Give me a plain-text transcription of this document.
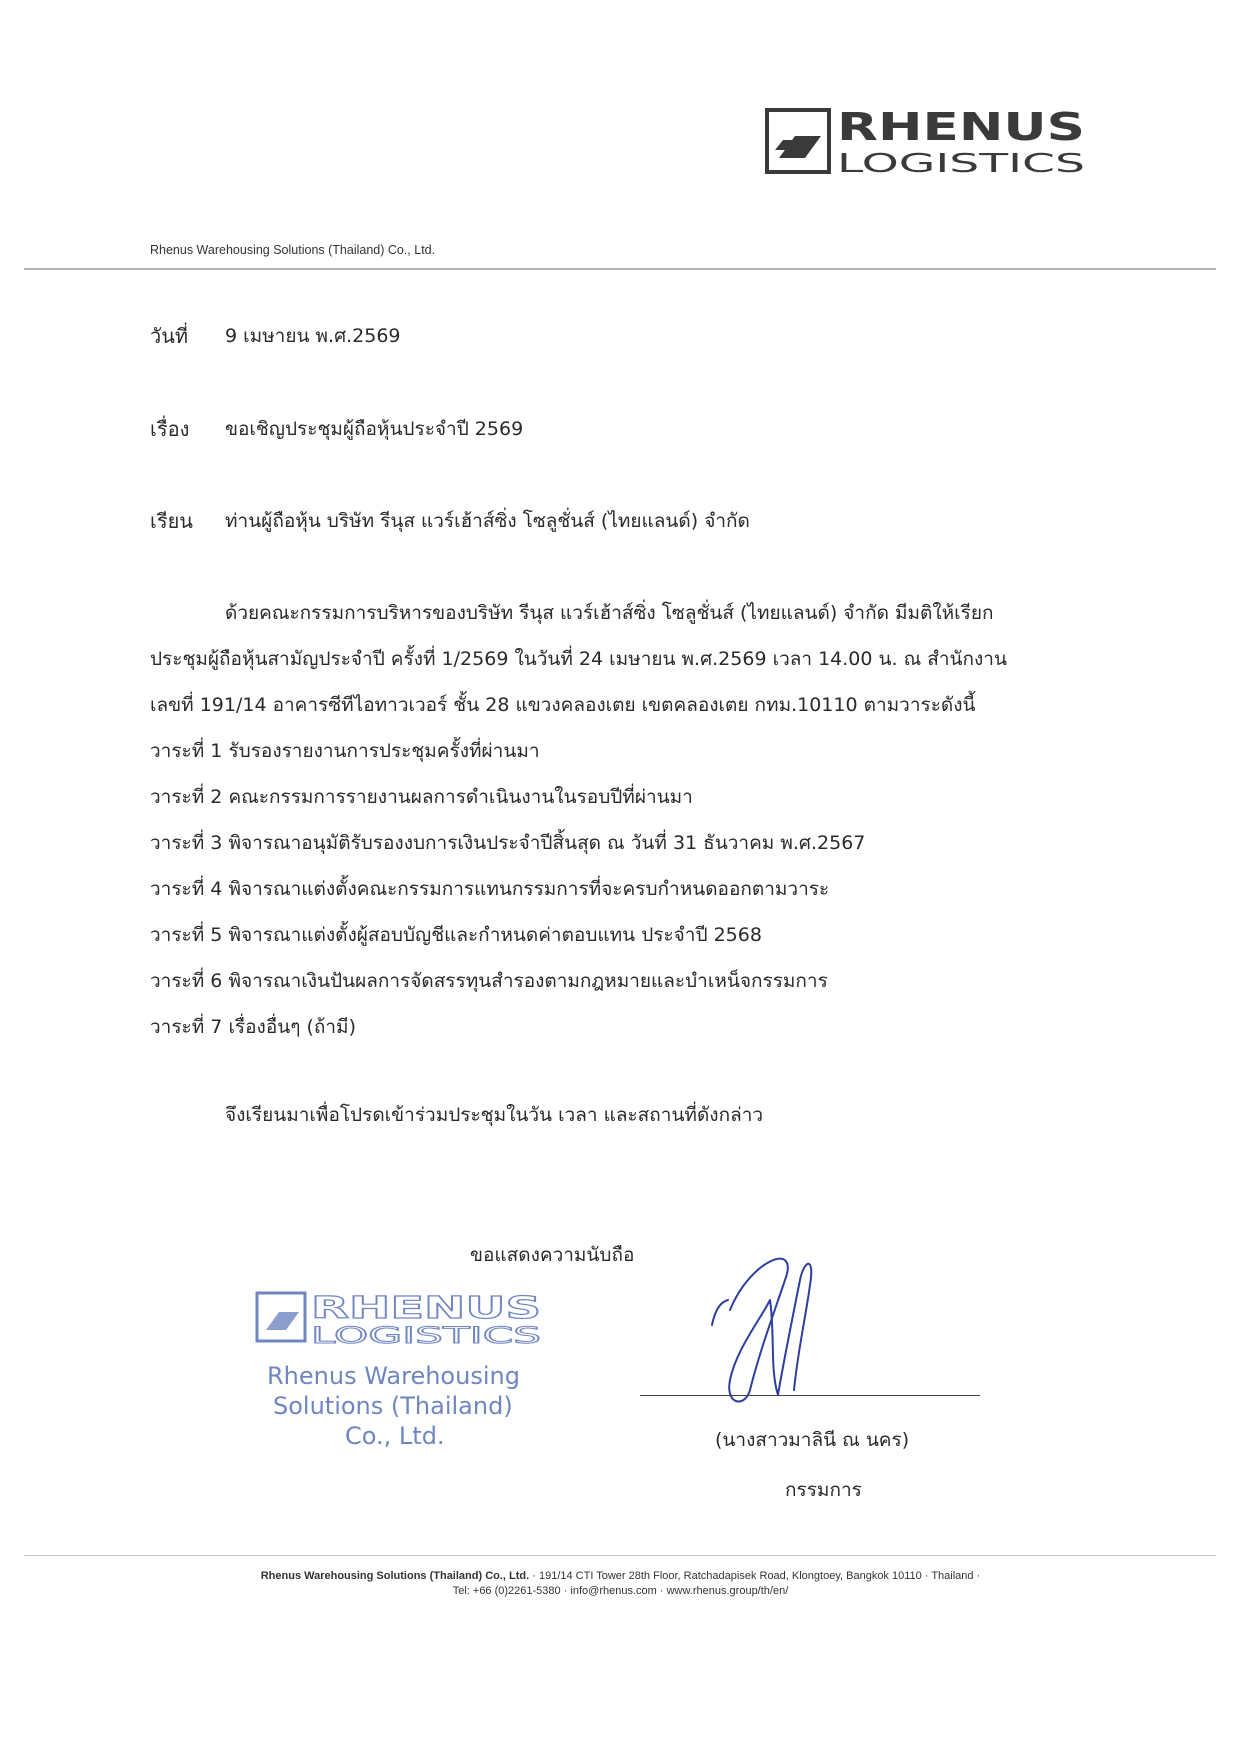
RHENUS
LOGISTICS
Rhenus Warehousing Solutions (Thailand) Co., Ltd.
วันที่ 9 เมษายน พ.ศ.2569
เรื่อง ขอเชิญประชุมผู้ถือหุ้นประจำปี 2569
เรียน ท่านผู้ถือหุ้น บริษัท รีนุส แวร์เฮ้าส์ซิ่ง โซลูชั่นส์ (ไทยแลนด์) จำกัด

ด้วยคณะกรรมการบริหารของบริษัท รีนุส แวร์เฮ้าส์ซิ่ง โซลูชั่นส์ (ไทยแลนด์) จำกัด มีมติให้เรียก

ประชุมผู้ถือหุ้นสามัญประจำปี ครั้งที่ 1/2569 ในวันที่ 24 เมษายน พ.ศ.2569 เวลา 14.00 น. ณ สำนักงาน

เลขที่ 191/14 อาคารซีทีไอทาวเวอร์ ชั้น 28 แขวงคลองเตย เขตคลองเตย กทม.10110 ตามวาระดังนี้

วาระที่ 1 รับรองรายงานการประชุมครั้งที่ผ่านมา
วาระที่ 2 คณะกรรมการรายงานผลการดำเนินงานในรอบปีที่ผ่านมา
วาระที่ 3 พิจารณาอนุมัติรับรองงบการเงินประจำปีสิ้นสุด ณ วันที่ 31 ธันวาคม พ.ศ.2567
วาระที่ 4 พิจารณาแต่งตั้งคณะกรรมการแทนกรรมการที่จะครบกำหนดออกตามวาระ
วาระที่ 5 พิจารณาแต่งตั้งผู้สอบบัญชีและกำหนดค่าตอบแทน ประจำปี 2568
วาระที่ 6 พิจารณาเงินปันผลการจัดสรรทุนสำรองตามกฎหมายและบำเหน็จกรรมการ
วาระที่ 7 เรื่องอื่นๆ (ถ้ามี)
จึงเรียนมาเพื่อโปรดเข้าร่วมประชุมในวัน เวลา และสถานที่ดังกล่าว
ขอแสดงความนับถือ
RHENUS
LOGISTICS
Rhenus Warehousing
Solutions (Thailand)
Co., Ltd.	(นางสาวมาลินี ณ นคร)
กรรมการ
Rhenus Warehousing Solutions (Thailand) Co., Ltd. · 191/14 CTI Tower 28th Floor, Ratchadapisek Road, Klongtoey, Bangkok 10110 · Thailand ·
Tel: +66 (0)2261-5380 · info@rhenus.com · www.rhenus.group/th/en/
